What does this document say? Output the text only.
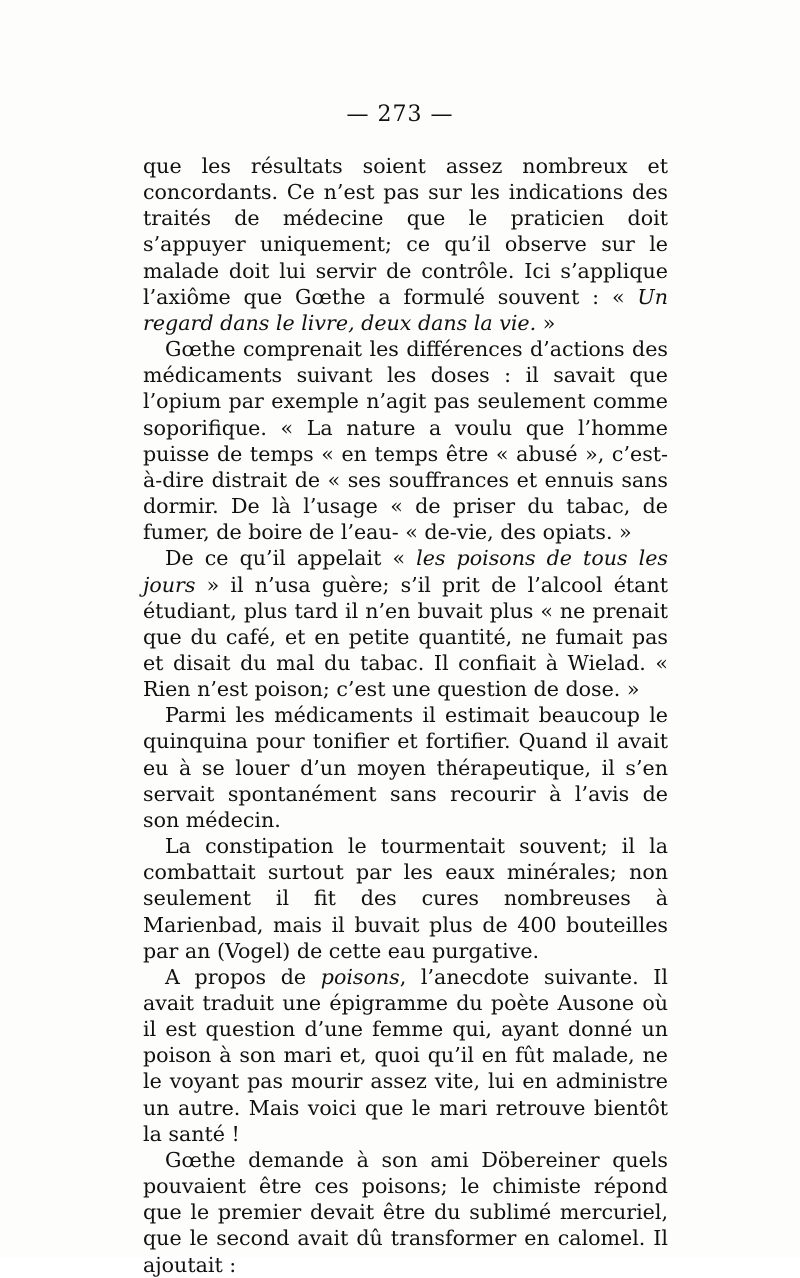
— 273 —

que les résultats soient assez nombreux et concordants. Ce n’est pas sur les indications des traités de médecine que le praticien doit s’appuyer uniquement; ce qu’il observe sur le malade doit lui servir de contrôle. Ici s’applique l’axiôme que Gœthe a formulé souvent : « Un regard dans le livre, deux dans la vie. »

Gœthe comprenait les différences d’actions des médicaments suivant les doses : il savait que l’opium par exemple n’agit pas seulement comme soporifique. « La nature a voulu que l’homme puisse de temps « en temps être « abusé », c’est-à-dire distrait de « ses souffrances et ennuis sans dormir. De là l’usage « de priser du tabac, de fumer, de boire de l’eau- « de-vie, des opiats. »

De ce qu’il appelait « les poisons de tous les jours » il n’usa guère; s’il prit de l’alcool étant étudiant, plus tard il n’en buvait plus « ne prenait que du café, et en petite quantité, ne fumait pas et disait du mal du tabac. Il confiait à Wielad. « Rien n’est poison; c’est une question de dose. »

Parmi les médicaments il estimait beaucoup le quinquina pour tonifier et fortifier. Quand il avait eu à se louer d’un moyen thérapeutique, il s’en servait spontanément sans recourir à l’avis de son médecin.

La constipation le tourmentait souvent; il la combattait surtout par les eaux minérales; non seulement il fit des cures nombreuses à Marienbad, mais il buvait plus de 400 bouteilles par an (Vogel) de cette eau purgative.

A propos de poisons, l’anecdote suivante. Il avait traduit une épigramme du poète Ausone où il est question d’une femme qui, ayant donné un poison à son mari et, quoi qu’il en fût malade, ne le voyant pas mourir assez vite, lui en administre un autre. Mais voici que le mari retrouve bientôt la santé !

Gœthe demande à son ami Döbereiner quels pouvaient être ces poisons; le chimiste répond que le premier devait être du sublimé mercuriel, que le second avait dû transformer en calomel. Il ajoutait :
